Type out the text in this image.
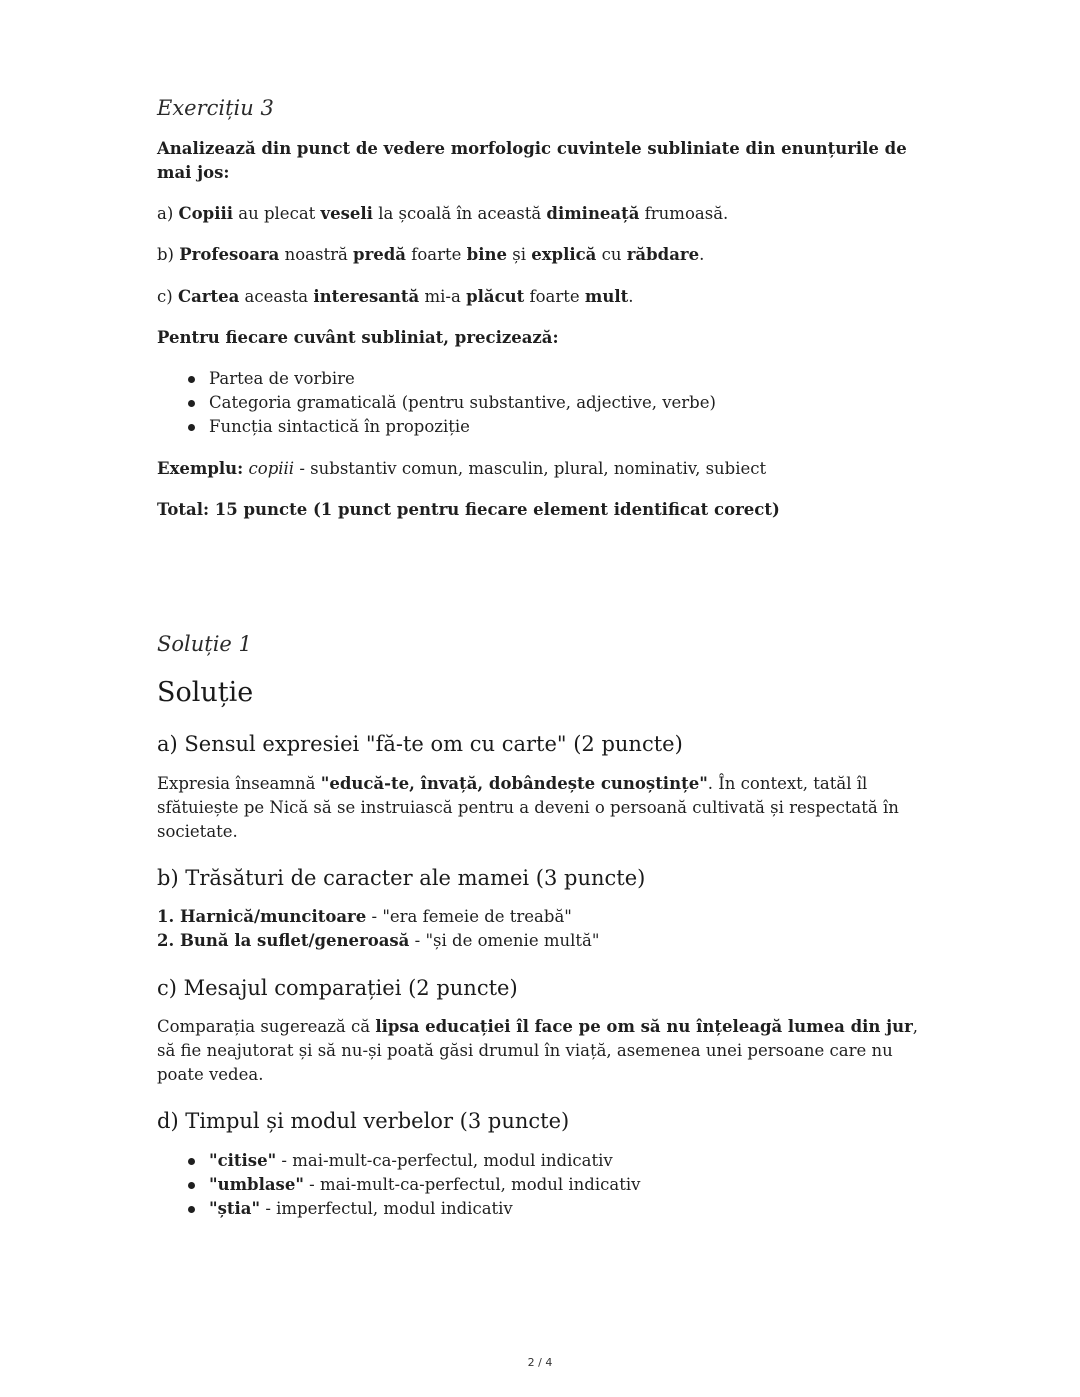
Exercițiu 3
Analizează din punct de vedere morfologic cuvintele subliniate din enunțurile de mai jos:
a) Copiii au plecat veseli la școală în această dimineață frumoasă.
b) Profesoara noastră predă foarte bine și explică cu răbdare.
c) Cartea aceasta interesantă mi-a plăcut foarte mult.
Pentru fiecare cuvânt subliniat, precizează:
Partea de vorbire
Categoria gramaticală (pentru substantive, adjective, verbe)
Funcția sintactică în propoziție
Exemplu: copiii - substantiv comun, masculin, plural, nominativ, subiect
Total: 15 puncte (1 punct pentru fiecare element identificat corect)
Soluție 1
Soluție
a) Sensul expresiei "fă-te om cu carte" (2 puncte)
Expresia înseamnă "educă-te, învață, dobândește cunoștințe". În context, tatăl îl sfătuiește pe Nică să se instruiască pentru a deveni o persoană cultivată și respectată în societate.
b) Trăsături de caracter ale mamei (3 puncte)
1. Harnică/muncitoare - "era femeie de treabă"
2. Bună la suflet/generoasă - "și de omenie multă"
c) Mesajul comparației (2 puncte)
Comparația sugerează că lipsa educației îl face pe om să nu înțeleagă lumea din jur, să fie neajutorat și să nu-și poată găsi drumul în viață, asemenea unei persoane care nu poate vedea.
d) Timpul și modul verbelor (3 puncte)
"citise" - mai-mult-ca-perfectul, modul indicativ
"umblase" - mai-mult-ca-perfectul, modul indicativ
"știa" - imperfectul, modul indicativ
2 / 4
